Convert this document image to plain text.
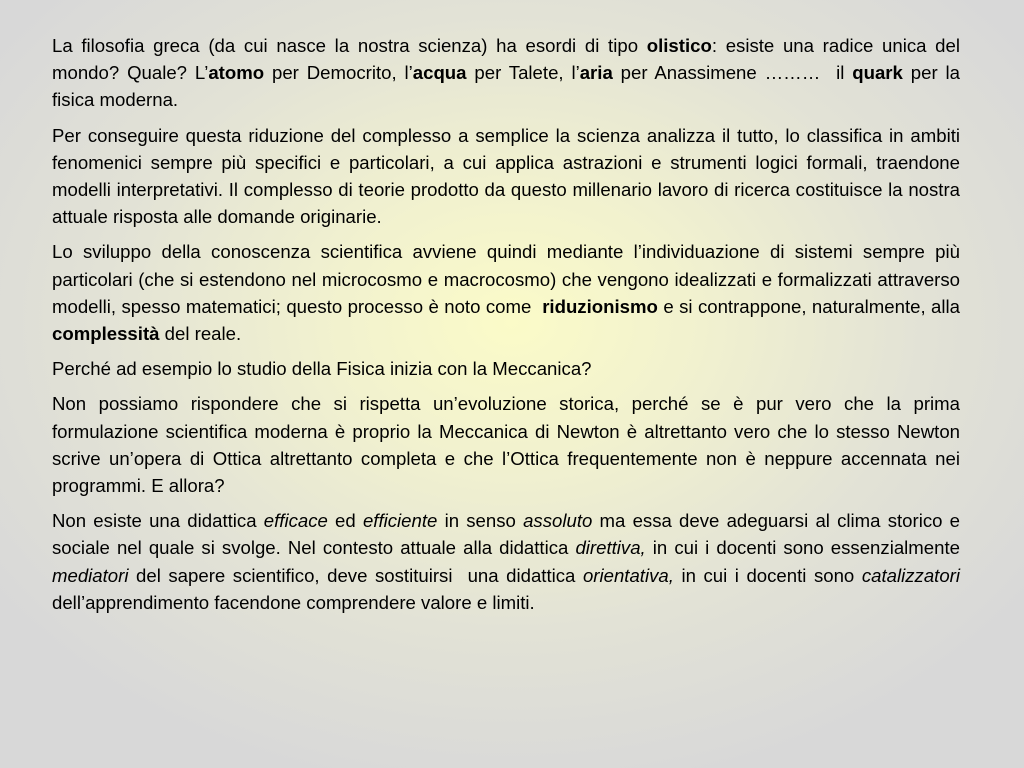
La filosofia greca (da cui nasce la nostra scienza) ha esordi di tipo olistico: esiste una radice unica del mondo? Quale? L’atomo per Democrito, l’acqua per Talete, l’aria per Anassimene ………  il quark per la fisica moderna.

Per conseguire questa riduzione del complesso a semplice la scienza analizza il tutto, lo classifica in ambiti fenomenici sempre più specifici e particolari, a cui applica astrazioni e strumenti logici formali, traendone modelli interpretativi. Il complesso di teorie prodotto da questo millenario lavoro di ricerca costituisce la nostra attuale risposta alle domande originarie.

Lo sviluppo della conoscenza scientifica avviene quindi mediante l’individuazione di sistemi sempre più particolari (che si estendono nel microcosmo e macrocosmo) che vengono idealizzati e formalizzati attraverso modelli, spesso matematici; questo processo è noto come  riduzionismo e si contrappone, naturalmente, alla complessità del reale.

Perché ad esempio lo studio della Fisica inizia con la Meccanica?

Non possiamo rispondere che si rispetta un’evoluzione storica, perché se è pur vero che la prima formulazione scientifica moderna è proprio la Meccanica di Newton è altrettanto vero che lo stesso Newton scrive un’opera di Ottica altrettanto completa e che l’Ottica frequentemente non è neppure accennata nei programmi. E allora?

Non esiste una didattica efficace ed efficiente in senso assoluto ma essa deve adeguarsi al clima storico e sociale nel quale si svolge. Nel contesto attuale alla didattica direttiva, in cui i docenti sono essenzialmente mediatori del sapere scientifico, deve sostituirsi  una didattica orientativa, in cui i docenti sono catalizzatori dell’apprendimento facendone comprendere valore e limiti.
